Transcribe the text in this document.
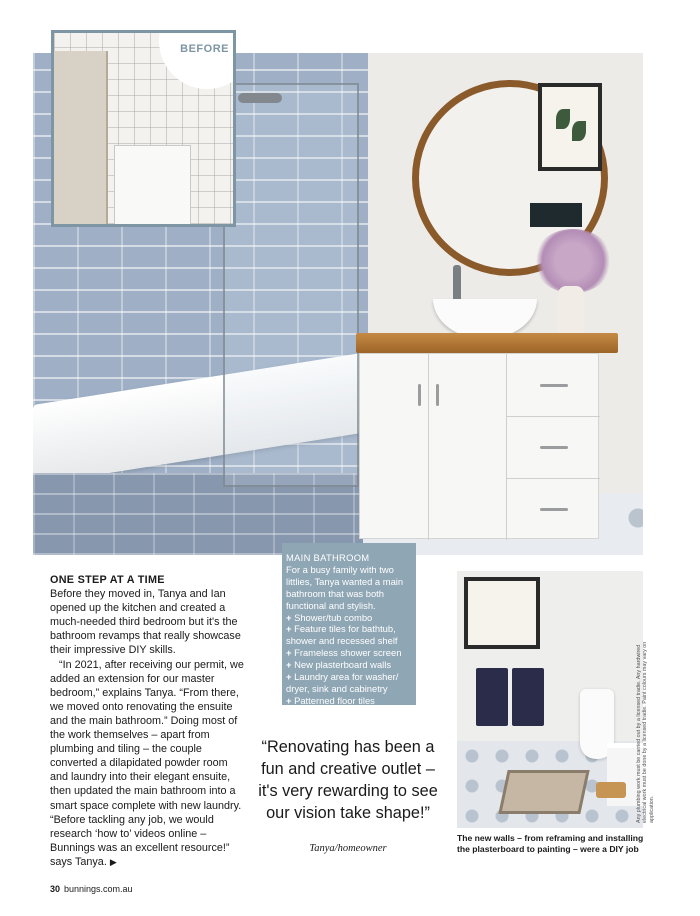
BEFORE
MAIN BATHROOM
For a busy family with two littlies, Tanya wanted a main bathroom that was both functional and stylish.
+ Shower/tub combo
+ Feature tiles for bathtub, shower and recessed shelf
+ Frameless shower screen
+ New plasterboard walls
+ Laundry area for washer/ dryer, sink and cabinetry
+ Patterned floor tiles
ONE STEP AT A TIME

Before they moved in, Tanya and Ian opened up the kitchen and created a much-needed third bedroom but it's the bathroom revamps that really showcase their impressive DIY skills.

“In 2021, after receiving our permit, we added an extension for our master bedroom,” explains Tanya. “From there, we moved onto renovating the ensuite and the main bathroom.” Doing most of the work themselves – apart from plumbing and tiling – the couple converted a dilapidated powder room and laundry into their elegant ensuite, then updated the main bathroom into a smart space complete with new laundry. “Before tackling any job, we would research ‘how to’ videos online – Bunnings was an excellent resource!” says Tanya. ▶

“Renovating has been a fun and creative outlet – it's very rewarding to see our vision take shape!”
Tanya/homeowner
The new walls – from reframing and installing the plasterboard to painting – were a DIY job
Any plumbing work must be carried out by a licensed tradie. Any hardwired electrical work must be done by a licensed tradie. Paint colours may vary on application.
30 bunnings.com.au
